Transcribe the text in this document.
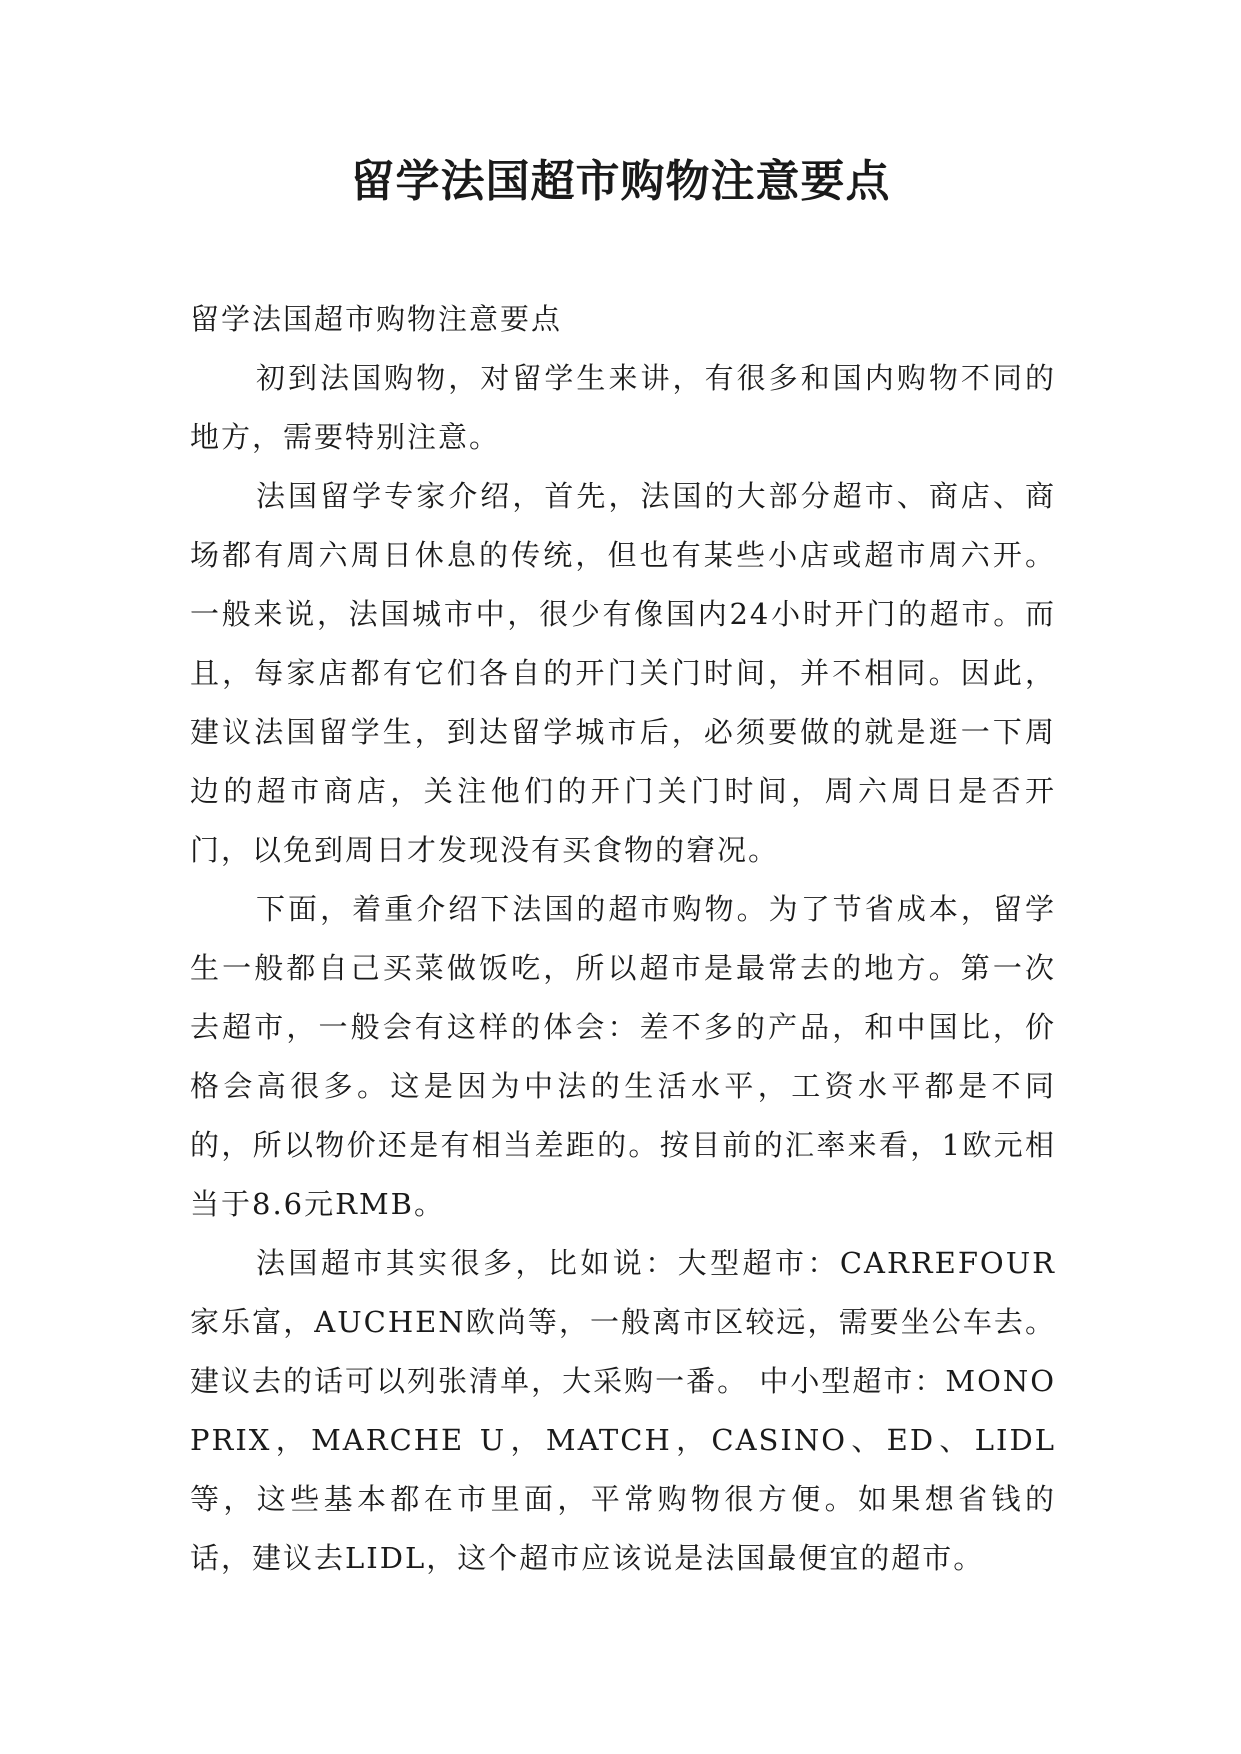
留学法国超市购物注意要点

留学法国超市购物注意要点

初到法国购物，对留学生来讲，有很多和国内购物不同的地方，需要特别注意。

法国留学专家介绍，首先，法国的大部分超市、商店、商场都有周六周日休息的传统，但也有某些小店或超市周六开。一般来说，法国城市中，很少有像国内24小时开门的超市。而且，每家店都有它们各自的开门关门时间，并不相同。因此，建议法国留学生，到达留学城市后，必须要做的就是逛一下周边的超市商店，关注他们的开门关门时间，周六周日是否开门，以免到周日才发现没有买食物的窘况。

下面，着重介绍下法国的超市购物。为了节省成本，留学生一般都自己买菜做饭吃，所以超市是最常去的地方。第一次去超市，一般会有这样的体会：差不多的产品，和中国比，价格会高很多。这是因为中法的生活水平，工资水平都是不同的，所以物价还是有相当差距的。按目前的汇率来看，1欧元相当于8.6元RMB。

法国超市其实很多，比如说：大型超市：CARREFOUR家乐富，AUCHEN欧尚等，一般离市区较远，需要坐公车去。建议去的话可以列张清单，大采购一番。 中小型超市：MONOPRIX，MARCHE U，MATCH，CASINO、ED、LIDL等，这些基本都在市里面，平常购物很方便。如果想省钱的话，建议去LIDL，这个超市应该说是法国最便宜的超市。
